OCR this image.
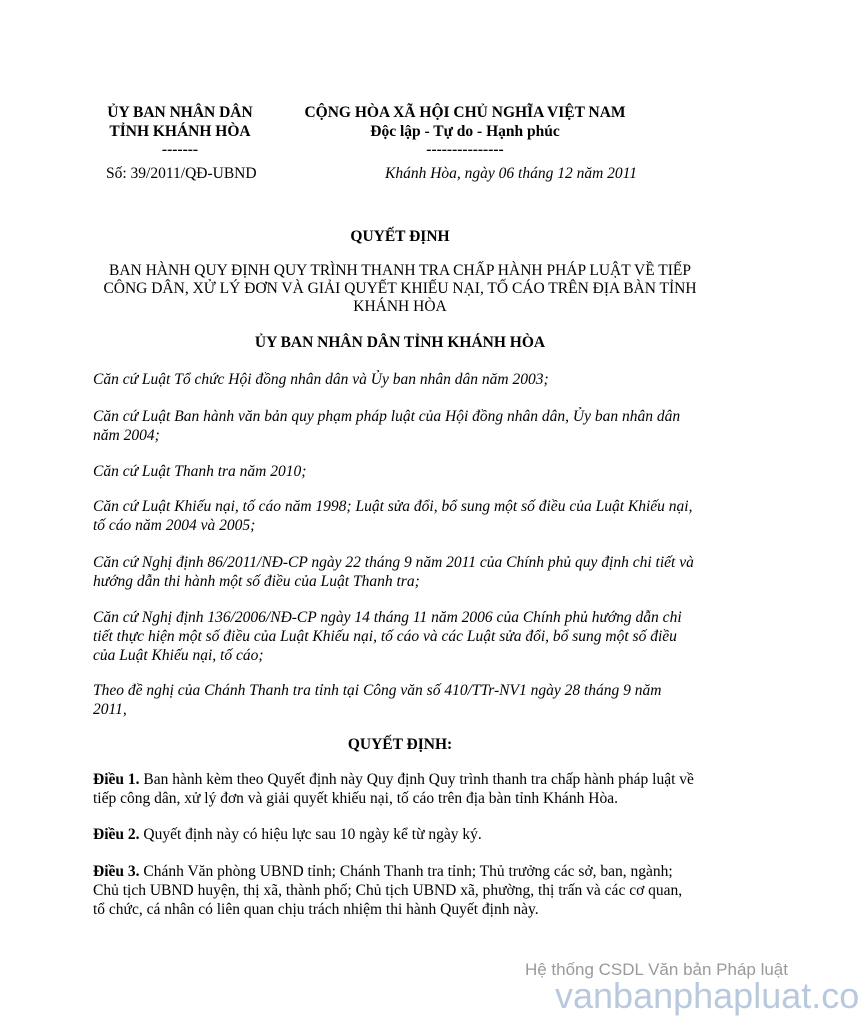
ỦY BAN NHÂN DÂN
TỈNH KHÁNH HÒA
-------
Số: 39/2011/QĐ-UBND
CỘNG HÒA XÃ HỘI CHỦ NGHĨA VIỆT NAM
Độc lập - Tự do - Hạnh phúc
---------------
Khánh Hòa, ngày 06 tháng 12 năm 2011
QUYẾT ĐỊNH
BAN HÀNH QUY ĐỊNH QUY TRÌNH THANH TRA CHẤP HÀNH PHÁP LUẬT VỀ TIẾP
CÔNG DÂN, XỬ LÝ ĐƠN VÀ GIẢI QUYẾT KHIẾU NẠI, TỐ CÁO TRÊN ĐỊA BÀN TỈNH
KHÁNH HÒA
ỦY BAN NHÂN DÂN TỈNH KHÁNH HÒA
Căn cứ Luật Tổ chức Hội đồng nhân dân và Ủy ban nhân dân năm 2003;
Căn cứ Luật Ban hành văn bản quy phạm pháp luật của Hội đồng nhân dân, Ủy ban nhân dân
năm 2004;
Căn cứ Luật Thanh tra năm 2010;
Căn cứ Luật Khiếu nại, tố cáo năm 1998; Luật sửa đổi, bổ sung một số điều của Luật Khiếu nại,
tố cáo năm 2004 và 2005;
Căn cứ Nghị định 86/2011/NĐ-CP ngày 22 tháng 9 năm 2011 của Chính phủ quy định chi tiết và
hướng dẫn thi hành một số điều của Luật Thanh tra;
Căn cứ Nghị định 136/2006/NĐ-CP ngày 14 tháng 11 năm 2006 của Chính phủ hướng dẫn chi
tiết thực hiện một số điều của Luật Khiếu nại, tố cáo và các Luật sửa đổi, bổ sung một số điều
của Luật Khiếu nại, tố cáo;
Theo đề nghị của Chánh Thanh tra tỉnh tại Công văn số 410/TTr-NV1 ngày 28 tháng 9 năm
2011,
QUYẾT ĐỊNH:
Điều 1. Ban hành kèm theo Quyết định này Quy định Quy trình thanh tra chấp hành pháp luật về
tiếp công dân, xử lý đơn và giải quyết khiếu nại, tố cáo trên địa bàn tỉnh Khánh Hòa.
Điều 2. Quyết định này có hiệu lực sau 10 ngày kể từ ngày ký.
Điều 3. Chánh Văn phòng UBND tỉnh; Chánh Thanh tra tỉnh; Thủ trưởng các sở, ban, ngành;
Chủ tịch UBND huyện, thị xã, thành phố; Chủ tịch UBND xã, phường, thị trấn và các cơ quan,
tổ chức, cá nhân có liên quan chịu trách nhiệm thi hành Quyết định này.
Hệ thống CSDL Văn bản Pháp luật
vanbanphapluat.co
